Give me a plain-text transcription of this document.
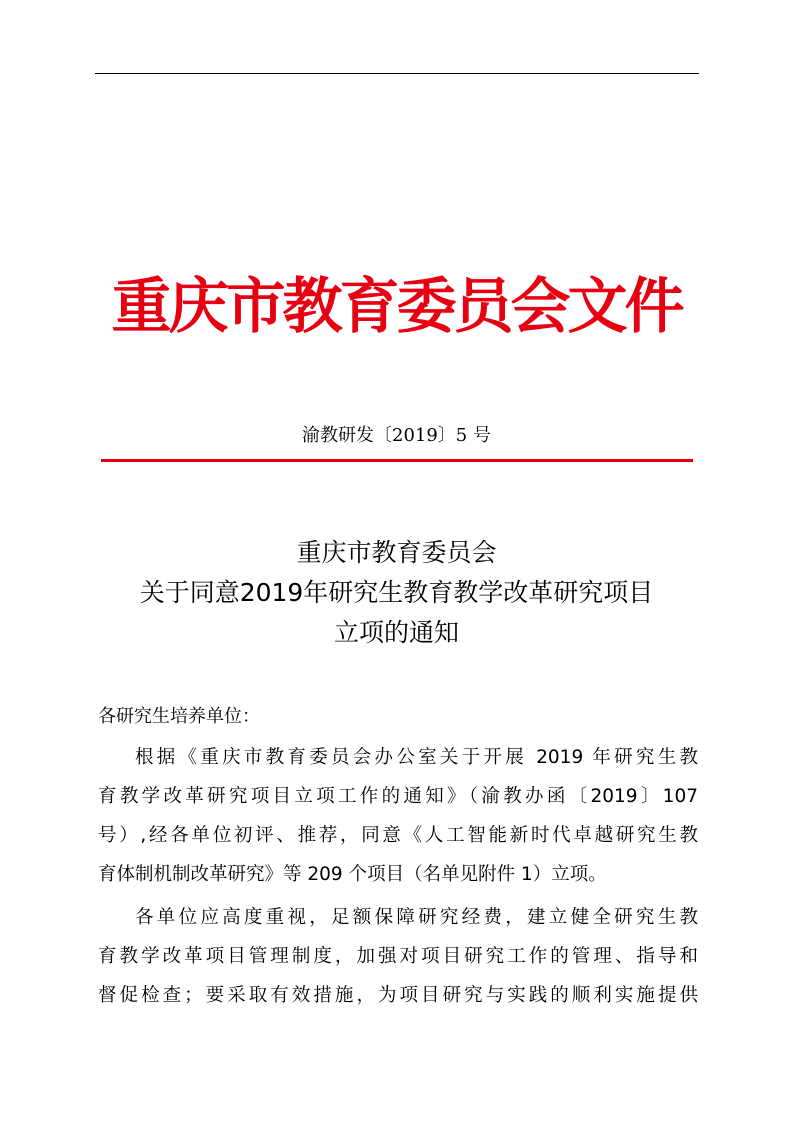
重庆市教育委员会文件
渝教研发〔2019〕5 号
重庆市教育委员会
关于同意2019年研究生教育教学改革研究项目
立项的通知
各研究生培养单位：
根据《重庆市教育委员会办公室关于开展 2019 年研究生教
育教学改革研究项目立项工作的通知》（渝教办函〔2019〕107
号）,经各单位初评、推荐，同意《人工智能新时代卓越研究生教
育体制机制改革研究》等 209 个项目（名单见附件 1）立项。
各单位应高度重视，足额保障研究经费，建立健全研究生教
育教学改革项目管理制度，加强对项目研究工作的管理、指导和
督促检查；要采取有效措施，为项目研究与实践的顺利实施提供
